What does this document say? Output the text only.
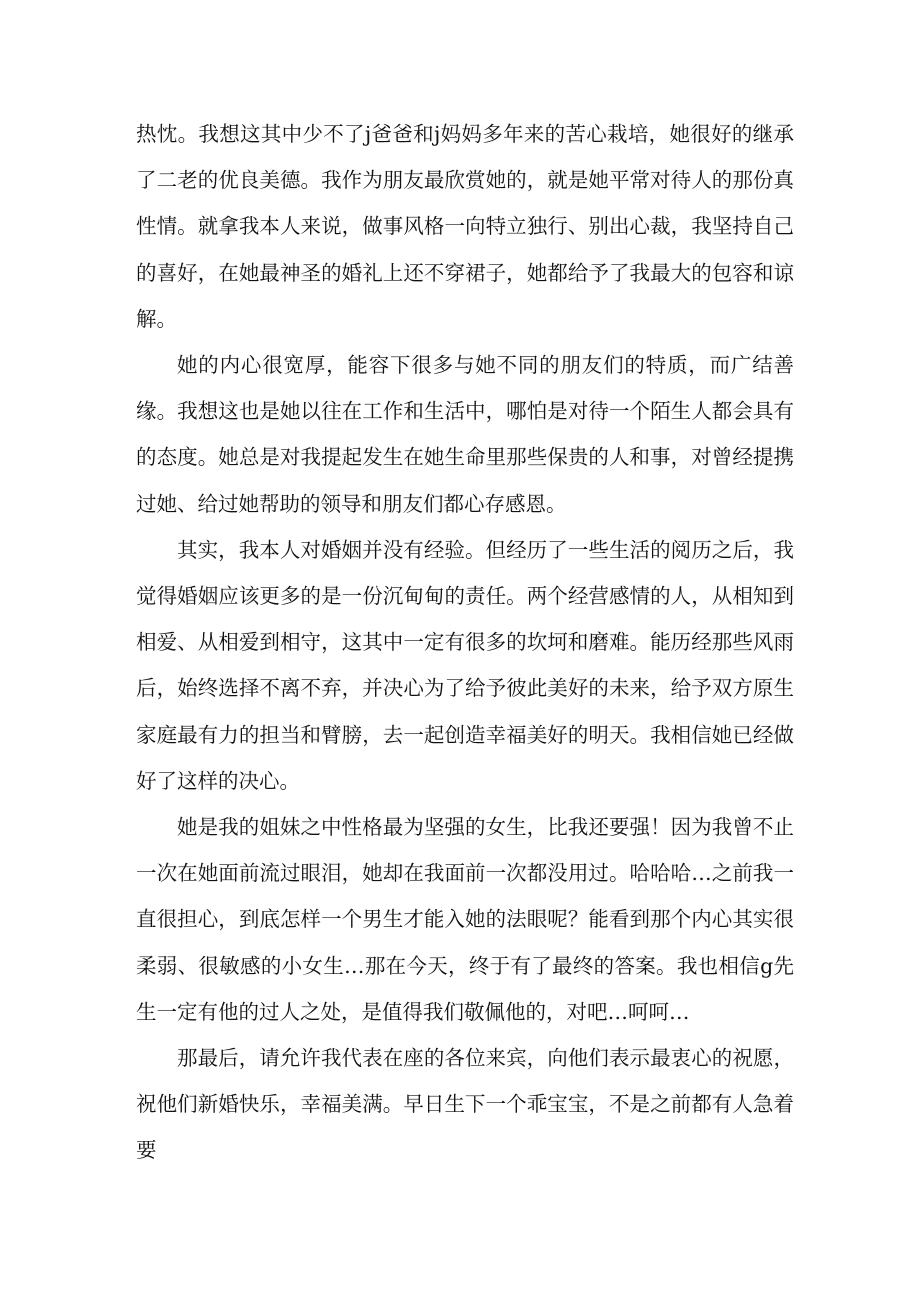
热忱。我想这其中少不了j爸爸和j妈妈多年来的苦心栽培，她很好的继承了二老的优良美德。我作为朋友最欣赏她的，就是她平常对待人的那份真性情。就拿我本人来说，做事风格一向特立独行、别出心裁，我坚持自己的喜好，在她最神圣的婚礼上还不穿裙子，她都给予了我最大的包容和谅解。

她的内心很宽厚，能容下很多与她不同的朋友们的特质，而广结善缘。我想这也是她以往在工作和生活中，哪怕是对待一个陌生人都会具有的态度。她总是对我提起发生在她生命里那些保贵的人和事，对曾经提携过她、给过她帮助的领导和朋友们都心存感恩。

其实，我本人对婚姻并没有经验。但经历了一些生活的阅历之后，我觉得婚姻应该更多的是一份沉甸甸的责任。两个经营感情的人，从相知到相爱、从相爱到相守，这其中一定有很多的坎坷和磨难。能历经那些风雨后，始终选择不离不弃，并决心为了给予彼此美好的未来，给予双方原生家庭最有力的担当和臂膀，去一起创造幸福美好的明天。我相信她已经做好了这样的决心。

她是我的姐妹之中性格最为坚强的女生，比我还要强！因为我曾不止一次在她面前流过眼泪，她却在我面前一次都没用过。哈哈哈…之前我一直很担心，到底怎样一个男生才能入她的法眼呢？能看到那个内心其实很柔弱、很敏感的小女生…那在今天，终于有了最终的答案。我也相信g先生一定有他的过人之处，是值得我们敬佩他的，对吧…呵呵…

那最后，请允许我代表在座的各位来宾，向他们表示最衷心的祝愿，祝他们新婚快乐，幸福美满。早日生下一个乖宝宝，不是之前都有人急着要
